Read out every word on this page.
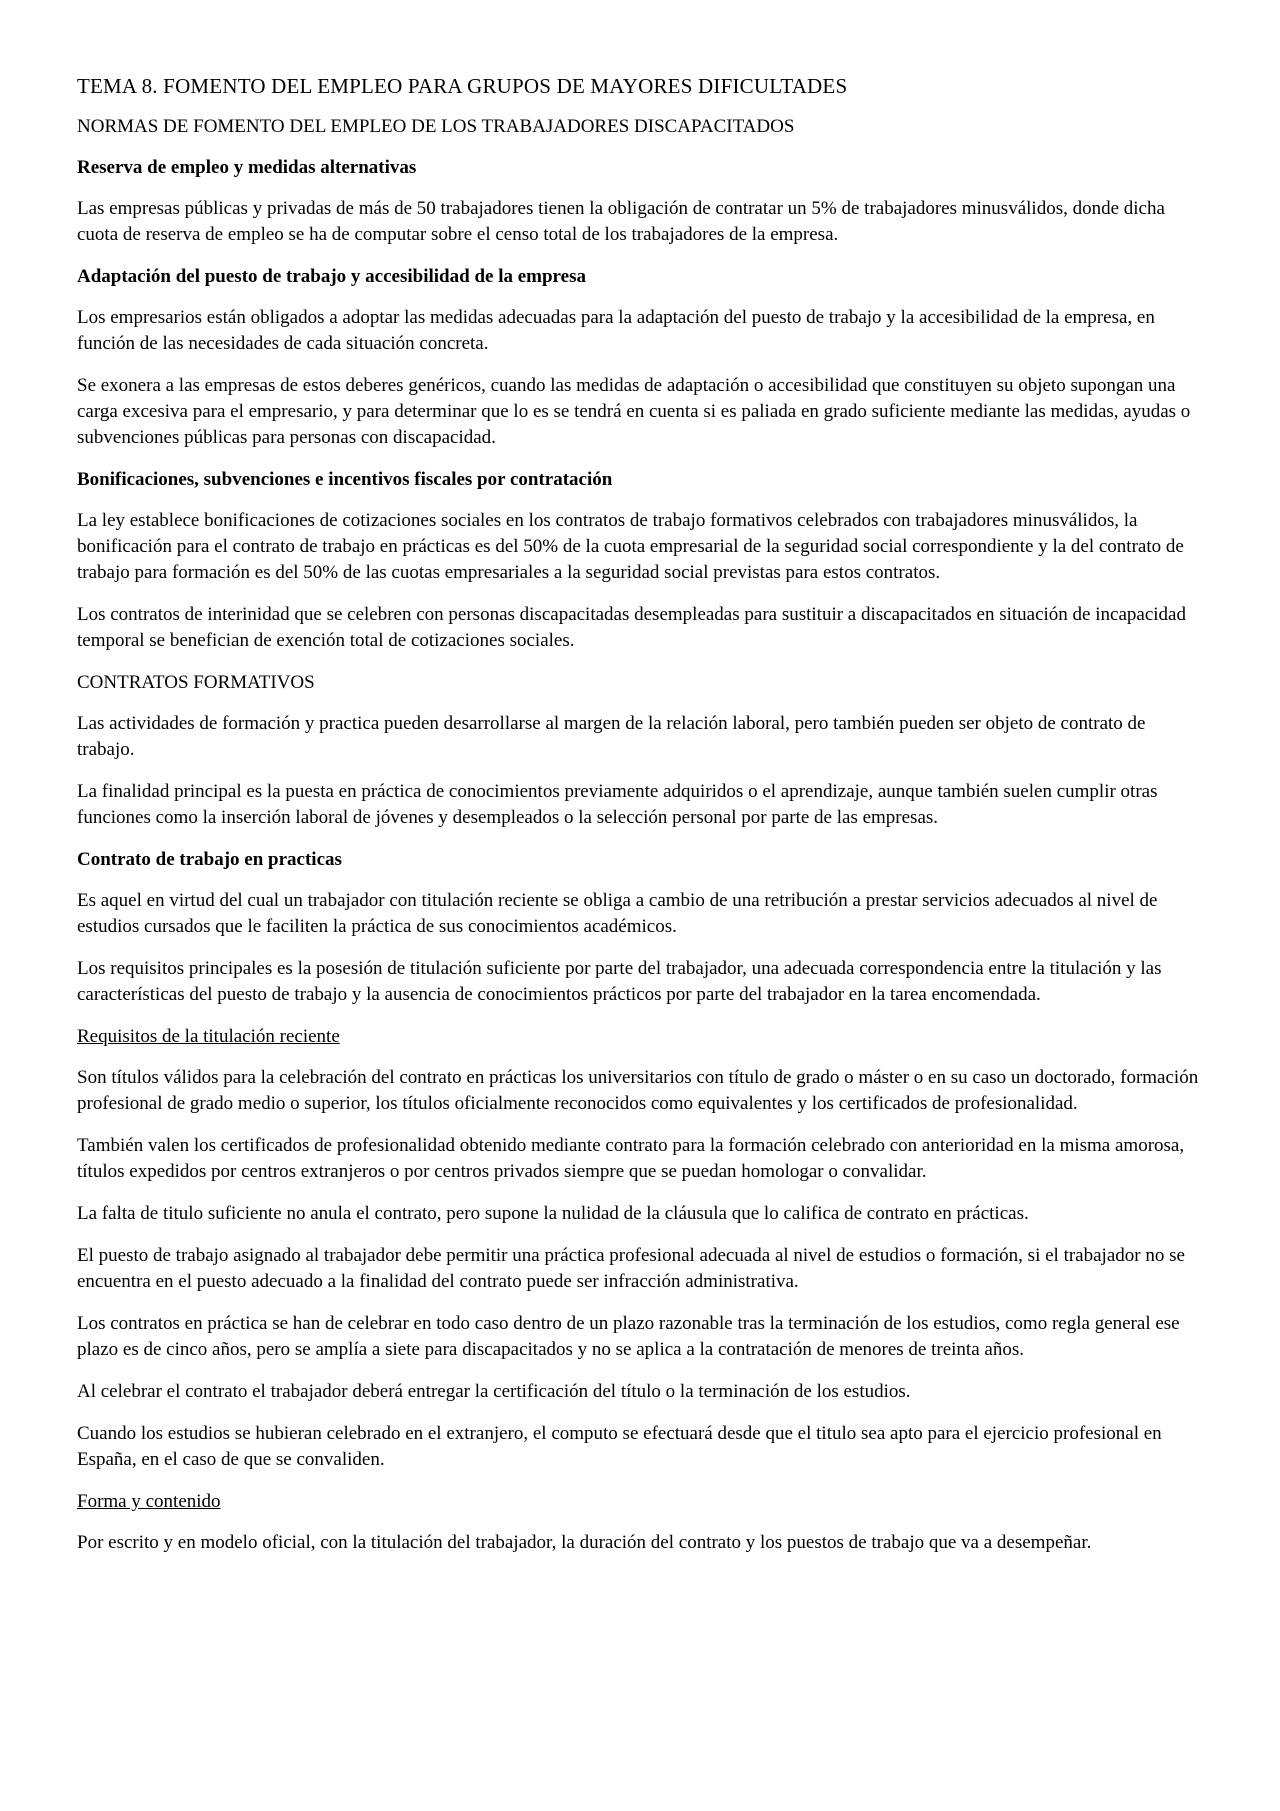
TEMA 8. FOMENTO DEL EMPLEO PARA GRUPOS DE MAYORES DIFICULTADES
NORMAS DE FOMENTO DEL EMPLEO DE LOS TRABAJADORES DISCAPACITADOS
Reserva de empleo y medidas alternativas

Las empresas públicas y privadas de más de 50 trabajadores tienen la obligación de contratar un 5% de trabajadores minusválidos, donde dicha cuota de reserva de empleo se ha de computar sobre el censo total de los trabajadores de la empresa.

Adaptación del puesto de trabajo y accesibilidad de la empresa

Los empresarios están obligados a adoptar las medidas adecuadas para la adaptación del puesto de trabajo y la accesibilidad de la empresa, en función de las necesidades de cada situación concreta.

Se exonera a las empresas de estos deberes genéricos, cuando las medidas de adaptación o accesibilidad que constituyen su objeto supongan una carga excesiva para el empresario, y para determinar que lo es se tendrá en cuenta si es paliada en grado suficiente mediante las medidas, ayudas o subvenciones públicas para personas con discapacidad.

Bonificaciones, subvenciones e incentivos fiscales por contratación

La ley establece bonificaciones de cotizaciones sociales en los contratos de trabajo formativos celebrados con trabajadores minusválidos, la bonificación para el contrato de trabajo en prácticas es del 50% de la cuota empresarial de la seguridad social correspondiente y la del contrato de trabajo para formación es del 50% de las cuotas empresariales a la seguridad social previstas para estos contratos.

Los contratos de interinidad que se celebren con personas discapacitadas desempleadas para sustituir a discapacitados en situación de incapacidad temporal se benefician de exención total de cotizaciones sociales.

CONTRATOS FORMATIVOS

Las actividades de formación y practica pueden desarrollarse al margen de la relación laboral, pero también pueden ser objeto de contrato de trabajo.

La finalidad principal es la puesta en práctica de conocimientos previamente adquiridos o el aprendizaje, aunque también suelen cumplir otras funciones como la inserción laboral de jóvenes y desempleados o la selección personal por parte de las empresas.

Contrato de trabajo en practicas

Es aquel en virtud del cual un trabajador con titulación reciente se obliga a cambio de una retribución a prestar servicios adecuados al nivel de estudios cursados que le faciliten la práctica de sus conocimientos académicos.

Los requisitos principales es la posesión de titulación suficiente por parte del trabajador, una adecuada correspondencia entre la titulación y las características del puesto de trabajo y la ausencia de conocimientos prácticos por parte del trabajador en la tarea encomendada.

Requisitos de la titulación reciente

Son títulos válidos para la celebración del contrato en prácticas los universitarios con título de grado o máster o en su caso un doctorado, formación profesional de grado medio o superior, los títulos oficialmente reconocidos como equivalentes y los certificados de profesionalidad.

También valen los certificados de profesionalidad obtenido mediante contrato para la formación celebrado con anterioridad en la misma amorosa, títulos expedidos por centros extranjeros o por centros privados siempre que se puedan homologar o convalidar.

La falta de titulo suficiente no anula el contrato, pero supone la nulidad de la cláusula que lo califica de contrato en prácticas.

El puesto de trabajo asignado al trabajador debe permitir una práctica profesional adecuada al nivel de estudios o formación, si el trabajador no se encuentra en el puesto adecuado a la finalidad del contrato puede ser infracción administrativa.

Los contratos en práctica se han de celebrar en todo caso dentro de un plazo razonable tras la terminación de los estudios, como regla general ese plazo es de cinco años, pero se amplía a siete para discapacitados y no se aplica a la contratación de menores de treinta años.

Al celebrar el contrato el trabajador deberá entregar la certificación del título o la terminación de los estudios.

Cuando los estudios se hubieran celebrado en el extranjero, el computo se efectuará desde que el titulo sea apto para el ejercicio profesional en España, en el caso de que se convaliden.

Forma y contenido

Por escrito y en modelo oficial, con la titulación del trabajador, la duración del contrato y los puestos de trabajo que va a desempeñar.
